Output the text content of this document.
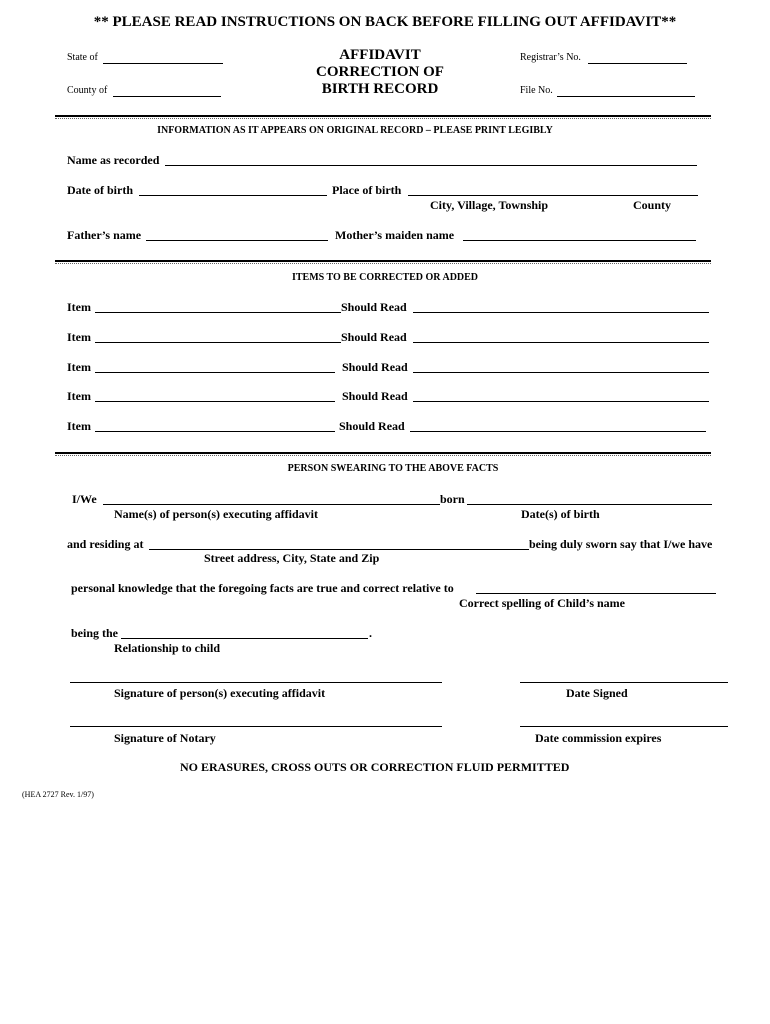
** PLEASE READ INSTRUCTIONS ON BACK BEFORE FILLING OUT AFFIDAVIT**
State of
County of
AFFIDAVIT
CORRECTION OF
BIRTH RECORD
Registrar’s No.
File No.
INFORMATION AS IT APPEARS ON ORIGINAL RECORD – PLEASE PRINT LEGIBLY
Name as recorded
Date of birth	Place of birth
City, Village, Township	County
Father’s name	Mother’s maiden name
ITEMS TO BE CORRECTED OR ADDED
Item	Should Read
Item	Should Read
Item	Should Read
Item	Should Read
Item	Should Read
PERSON SWEARING TO THE ABOVE FACTS
I/We	born
Name(s) of person(s) executing affidavit	Date(s) of birth
and residing at	being duly sworn say that I/we have
Street address, City, State and Zip
personal knowledge that the foregoing facts are true and correct relative to
Correct spelling of Child’s name
being the	.
Relationship to child
Signature of person(s) executing affidavit	Date Signed
Signature of Notary	Date commission expires
NO ERASURES, CROSS OUTS OR CORRECTION FLUID PERMITTED
(HEA 2727 Rev. 1/97)
